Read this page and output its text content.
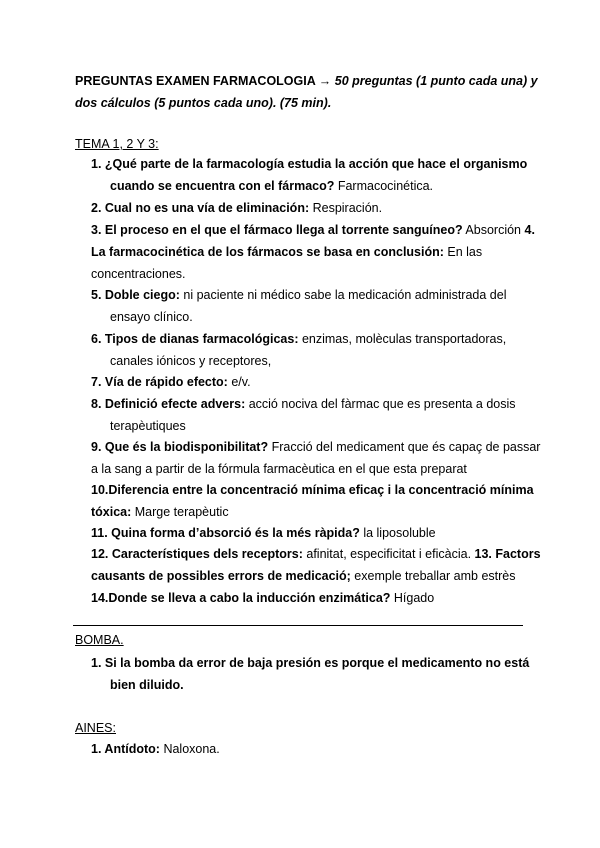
PREGUNTAS EXAMEN FARMACOLOGIA → 50 preguntas (1 punto cada una) y
dos cálculos (5 puntos cada uno). (75 min).
TEMA 1, 2 Y 3:
1. ¿Qué parte de la farmacología estudia la acción que hace el organismo
cuando se encuentra con el fármaco? Farmacocinética.
2. Cual no es una vía de eliminación: Respiración.
3. El proceso en el que el fármaco llega al torrente sanguíneo? Absorción 4.
La farmacocinética de los fármacos se basa en conclusión: En las
concentraciones.
5. Doble ciego: ni paciente ni médico sabe la medicación administrada del
ensayo clínico.
6. Tipos de dianas farmacológicas: enzimas, molèculas transportadoras,
canales iónicos y receptores,
7. Vía de rápido efecto: e/v.
8. Definició efecte advers: acció nociva del fàrmac que es presenta a dosis
terapèutiques
9. Que és la biodisponibilitat? Fracció del medicament que és capaç de passar
a la sang a partir de la fórmula farmacèutica en el que esta preparat
10.Diferencia entre la concentració mínima eficaç i la concentració mínima
tóxica: Marge terapèutic
11. Quina forma d’absorció és la més ràpida? la liposoluble
12. Característiques dels receptors: afinitat, especificitat i eficàcia. 13. Factors
causants de possibles errors de medicació; exemple treballar amb estrès
14.Donde se lleva a cabo la inducción enzimática? Hígado
BOMBA.
1. Si la bomba da error de baja presión es porque el medicamento no está
bien diluido.
AINES:
1. Antídoto: Naloxona.
